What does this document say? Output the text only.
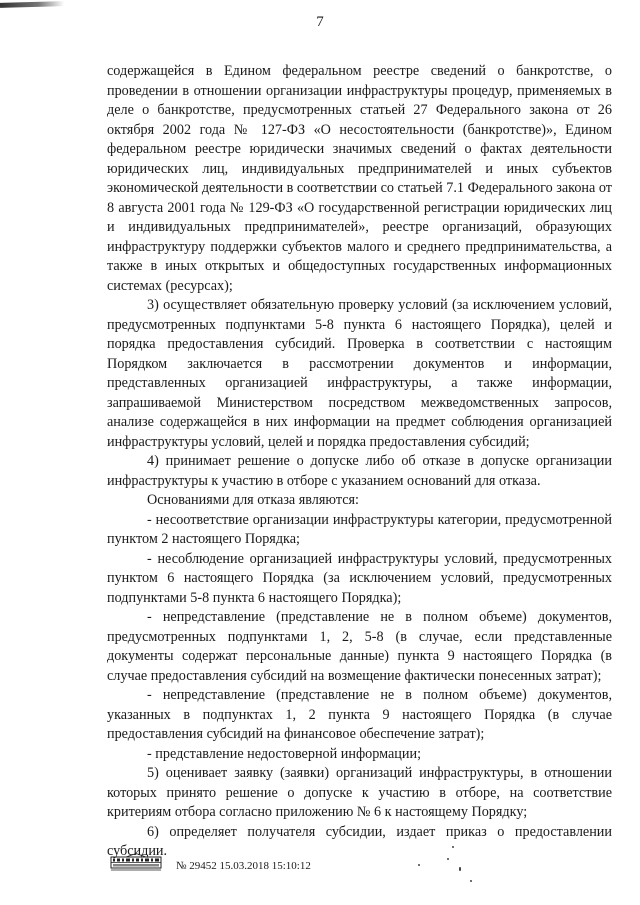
7

содержащейся в Едином федеральном реестре сведений о банкротстве, о проведении в отношении организации инфраструктуры процедур, применяемых в деле о банкротстве, предусмотренных статьей 27 Федерального закона от 26 октября 2002 года № 127-ФЗ «О несостоятельности (банкротстве)», Едином федеральном реестре юридически значимых сведений о фактах деятельности юридических лиц, индивидуальных предпринимателей и иных субъектов экономической деятельности в соответствии со статьей 7.1 Федерального закона от 8 августа 2001 года № 129-ФЗ «О государственной регистрации юридических лиц и индивидуальных предпринимателей», реестре организаций, образующих инфраструктуру поддержки субъектов малого и среднего предпринимательства, а также в иных открытых и общедоступных государственных информационных системах (ресурсах);

3) осуществляет обязательную проверку условий (за исключением условий, предусмотренных подпунктами 5-8 пункта 6 настоящего Порядка), целей и порядка предоставления субсидий. Проверка в соответствии с настоящим Порядком заключается в рассмотрении документов и информации, представленных организацией инфраструктуры, а также информации, запрашиваемой Министерством посредством межведомственных запросов, анализе содержащейся в них информации на предмет соблюдения организацией инфраструктуры условий, целей и порядка предоставления субсидий;

4) принимает решение о допуске либо об отказе в допуске организации инфраструктуры к участию в отборе с указанием оснований для отказа.

Основаниями для отказа являются:

- несоответствие организации инфраструктуры категории, предусмотренной пунктом 2 настоящего Порядка;

- несоблюдение организацией инфраструктуры условий, предусмотренных пунктом 6 настоящего Порядка (за исключением условий, предусмотренных подпунктами 5-8 пункта 6 настоящего Порядка);

- непредставление (представление не в полном объеме) документов, предусмотренных подпунктами 1, 2, 5-8 (в случае, если представленные документы содержат персональные данные) пункта 9 настоящего Порядка (в случае предоставления субсидий на возмещение фактически понесенных затрат);

- непредставление (представление не в полном объеме) документов, указанных в подпунктах 1, 2 пункта 9 настоящего Порядка (в случае предоставления субсидий на финансовое обеспечение затрат);

- представление недостоверной информации;

5) оценивает заявку (заявки) организаций инфраструктуры, в отношении которых принято решение о допуске к участию в отборе, на соответствие критериям отбора согласно приложению № 6 к настоящему Порядку;

6) определяет получателя субсидии, издает приказ о предоставлении субсидии.

№ 29452 15.03.2018 15:10:12
